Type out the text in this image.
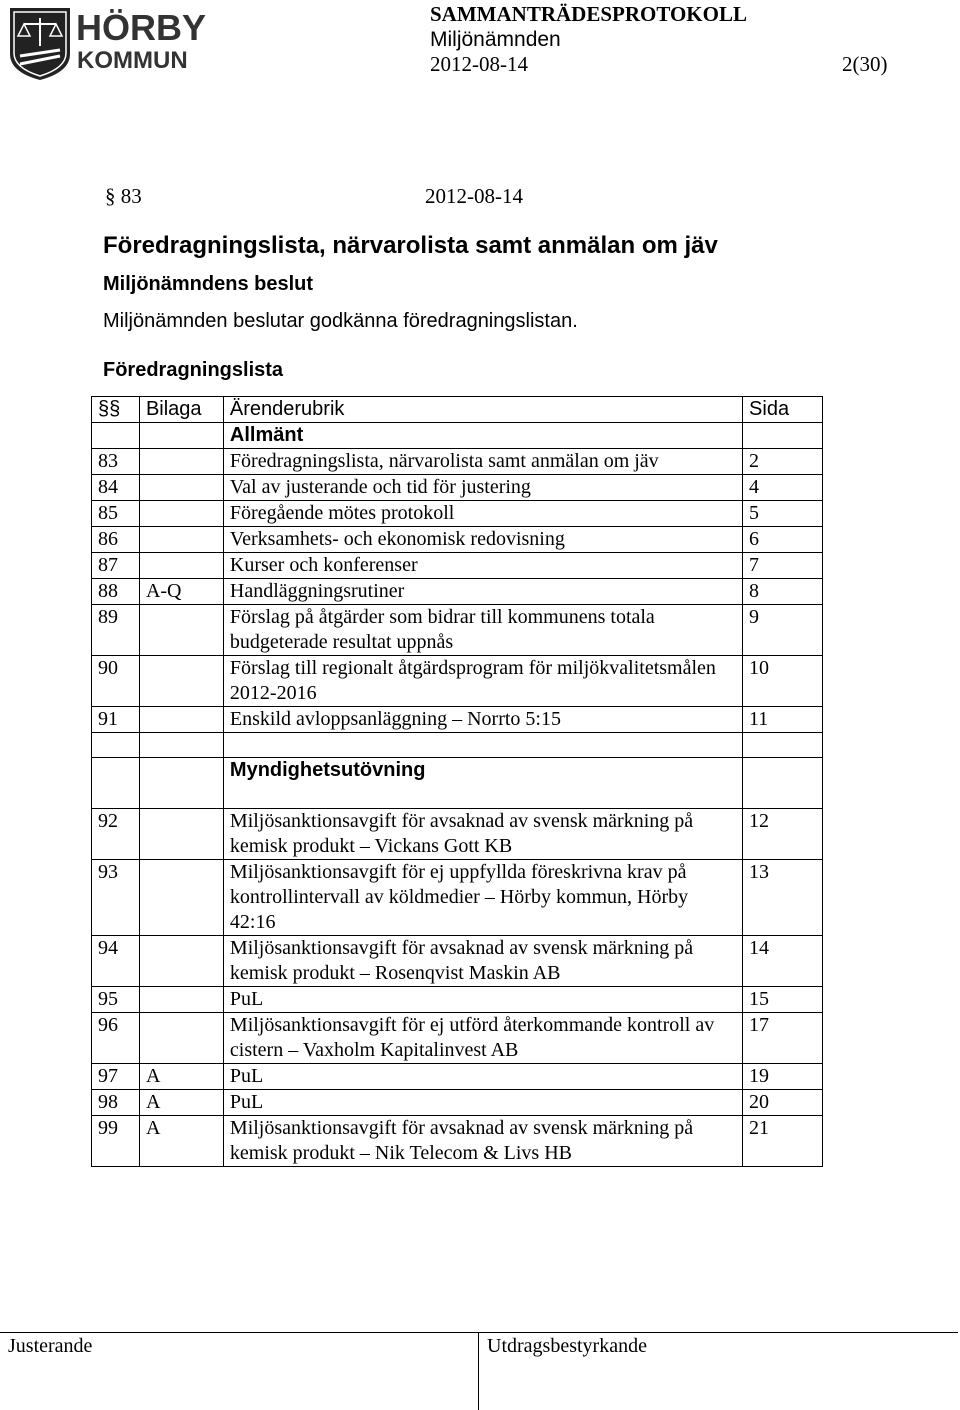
HÖRBY
KOMMUN
SAMMANTRÄDESPROTOKOLL
Miljönämnden
2012-08-14	2(30)
§ 83	2012-08-14
Föredragningslista, närvarolista samt anmälan om jäv
Miljönämndens beslut
Miljönämnden beslutar godkänna föredragningslistan.
Föredragningslista
§§	Bilaga	Ärenderubrik	Sida
		Allmänt	
83		Föredragningslista, närvarolista samt anmälan om jäv	2
84		Val av justerande och tid för justering	4
85		Föregående mötes protokoll	5
86		Verksamhets- och ekonomisk redovisning	6
87		Kurser och konferenser	7
88	A-Q	Handläggningsrutiner	8
89		Förslag på åtgärder som bidrar till kommunens totala budgeterade resultat uppnås	9
90		Förslag till regionalt åtgärdsprogram för miljökvalitetsmålen 2012-2016	10
91		Enskild avloppsanläggning – Norrto 5:15	11

		Myndighetsutövning	
92		Miljösanktionsavgift för avsaknad av svensk märkning på kemisk produkt – Vickans Gott KB	12
93		Miljösanktionsavgift för ej uppfyllda föreskrivna krav på kontrollintervall av köldmedier – Hörby kommun, Hörby 42:16	13
94		Miljösanktionsavgift för avsaknad av svensk märkning på kemisk produkt – Rosenqvist Maskin AB	14
95		PuL	15
96		Miljösanktionsavgift för ej utförd återkommande kontroll av cistern – Vaxholm Kapitalinvest AB	17
97	A	PuL	19
98	A	PuL	20
99	A	Miljösanktionsavgift för avsaknad av svensk märkning på kemisk produkt – Nik Telecom & Livs HB	21
Justerande	Utdragsbestyrkande
